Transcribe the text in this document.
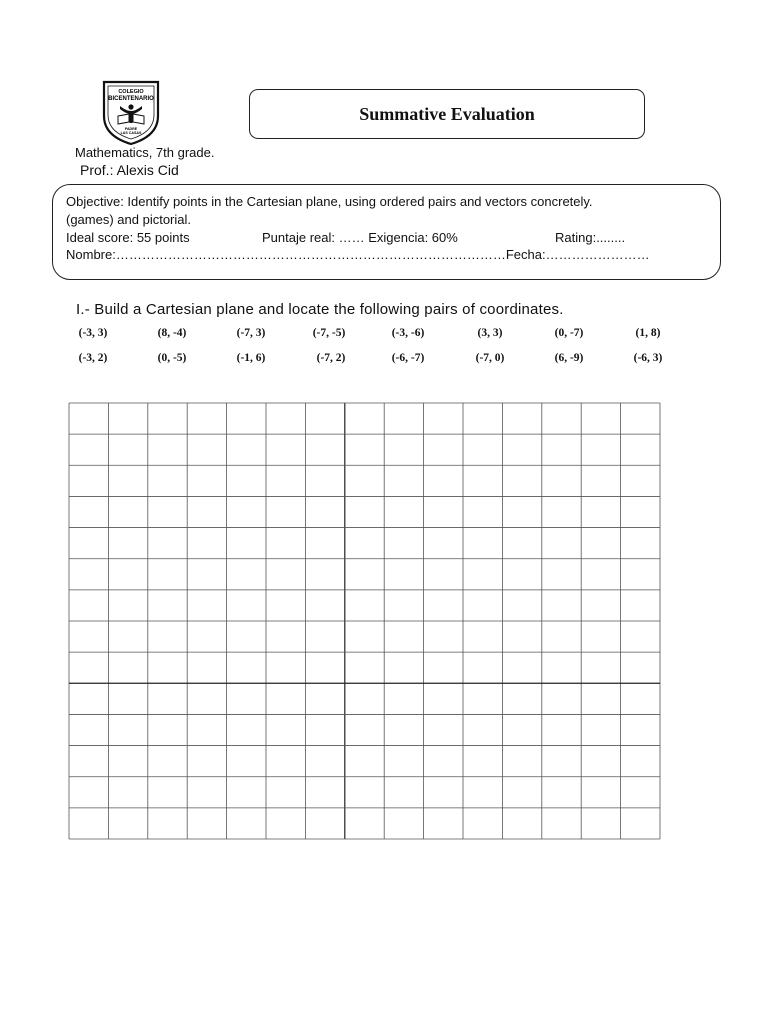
COLEGIO
BICENTENARIO
PADRE
LAS CASAS
Summative Evaluation
Mathematics, 7th grade.
Prof.: Alexis Cid
Objective: Identify points in the Cartesian plane, using ordered pairs and vectors concretely.
(games) and pictorial.
Ideal score: 55 points	Puntaje real: …… Exigencia: 60%	Rating:........
Nombre:………………………………………………………………………………Fecha:……………………
I.- Build a Cartesian plane and locate the following pairs of coordinates.
(-3, 3)	(8, -4)	(-7, 3)	(-7, -5)	(-3, -6)	(3, 3)	(0, -7)	(1, 8)
(-3, 2)	(0, -5)	(-1, 6)	(-7, 2)	(-6, -7)	(-7, 0)	(6, -9)	(-6, 3)
